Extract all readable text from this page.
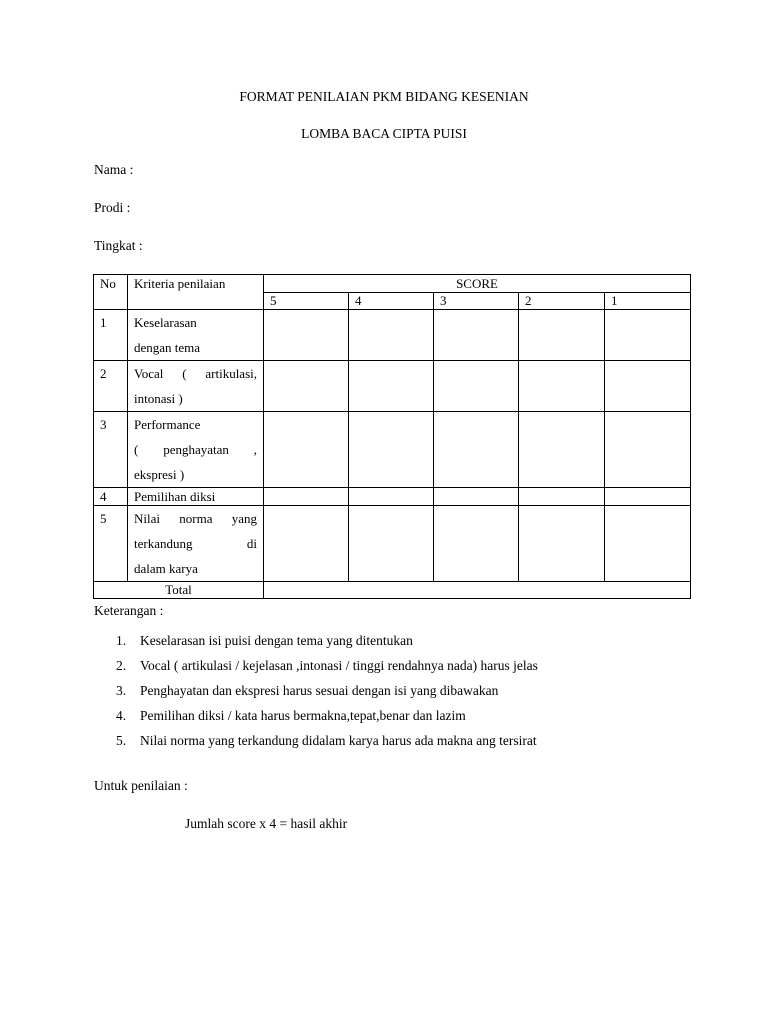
FORMAT PENILAIAN PKM BIDANG KESENIAN
LOMBA BACA CIPTA PUISI
Nama :
Prodi :
Tingkat :
No	Kriteria penilaian	SCORE				
		5	4	3	2	1
1	Keselarasan
dengan tema					

2	Vocal ( artikulasi,
intonasi )					

3	Performance
( penghayatan ,
ekspresi )					

4	Pemilihan diksi					

5	Nilai norma yang
terkandung di
dalam karya					

Total						
Keterangan :
1. Keselarasan isi puisi dengan tema yang ditentukan
2. Vocal ( artikulasi / kejelasan ,intonasi / tinggi rendahnya nada) harus jelas
3. Penghayatan dan ekspresi harus sesuai dengan isi yang dibawakan
4. Pemilihan diksi / kata harus bermakna,tepat,benar dan lazim
5. Nilai norma yang terkandung didalam karya harus ada makna ang tersirat
Untuk penilaian :
Jumlah score x 4 = hasil akhir
